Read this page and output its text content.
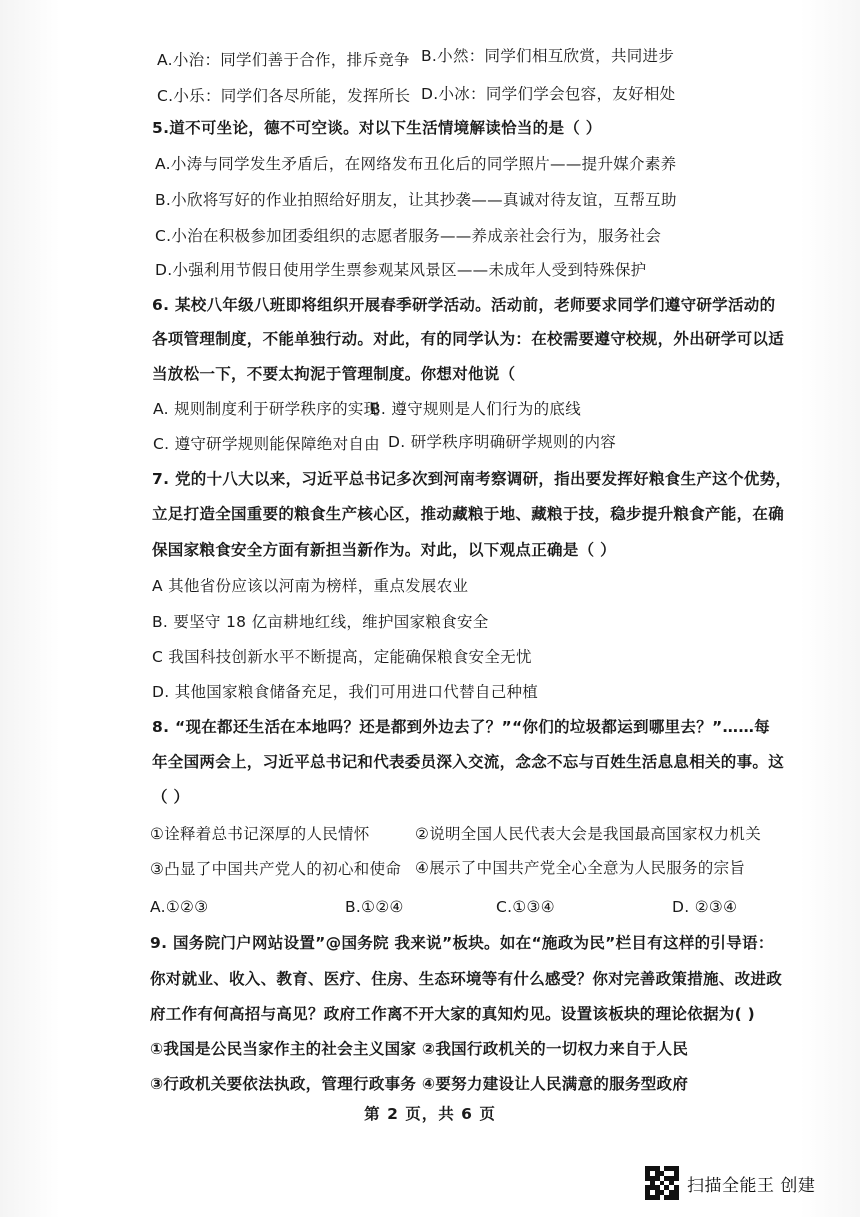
A.小治：同学们善于合作，排斥竞争 B.小然：同学们相互欣赏，共同进步
C.小乐：同学们各尽所能，发挥所长 D.小冰：同学们学会包容，友好相处
5.道不可坐论，德不可空谈。对以下生活情境解读恰当的是（ ）
A.小涛与同学发生矛盾后，在网络发布丑化后的同学照片——提升媒介素养
B.小欣将写好的作业拍照给好朋友，让其抄袭——真诚对待友谊，互帮互助
C.小治在积极参加团委组织的志愿者服务——养成亲社会行为，服务社会
D.小强利用节假日使用学生票参观某风景区——未成年人受到特殊保护
6. 某校八年级八班即将组织开展春季研学活动。活动前，老师要求同学们遵守研学活动的
各项管理制度，不能单独行动。对此，有的同学认为：在校需要遵守校规，外出研学可以适
当放松一下，不要太拘泥于管理制度。你想对他说（
A. 规则制度利于研学秩序的实现
B. 遵守规则是人们行为的底线
C. 遵守研学规则能保障绝对自由 D. 研学秩序明确研学规则的内容
7. 党的十八大以来，习近平总书记多次到河南考察调研，指出要发挥好粮食生产这个优势，
立足打造全国重要的粮食生产核心区，推动藏粮于地、藏粮于技，稳步提升粮食产能，在确
保国家粮食安全方面有新担当新作为。对此，以下观点正确是（ ）
A 其他省份应该以河南为榜样，重点发展农业
B. 要坚守 18 亿亩耕地红线，维护国家粮食安全
C 我国科技创新水平不断提高，定能确保粮食安全无忧
D. 其他国家粮食储备充足，我们可用进口代替自己种植
8. “现在都还生活在本地吗？还是都到外边去了？”“你们的垃圾都运到哪里去？”……每
年全国两会上，习近平总书记和代表委员深入交流，念念不忘与百姓生活息息相关的事。这
（ ）
①诠释着总书记深厚的人民情怀	②说明全国人民代表大会是我国最高国家权力机关
③凸显了中国共产党人的初心和使命 ④展示了中国共产党全心全意为人民服务的宗旨
A.①②③	B.①②④	C.①③④	D. ②③④
9. 国务院门户网站设置”@国务院 我来说”板块。如在“施政为民”栏目有这样的引导语：
你对就业、收入、教育、医疗、住房、生态环境等有什么感受？你对完善政策措施、改进政
府工作有何高招与高见？政府工作离不开大家的真知灼见。设置该板块的理论依据为( )
①我国是公民当家作主的社会主义国家 ②我国行政机关的一切权力来自于人民
③行政机关要依法执政，管理行政事务 ④要努力建设让人民满意的服务型政府
第 2 页，共 6 页
扫描全能王 创建
